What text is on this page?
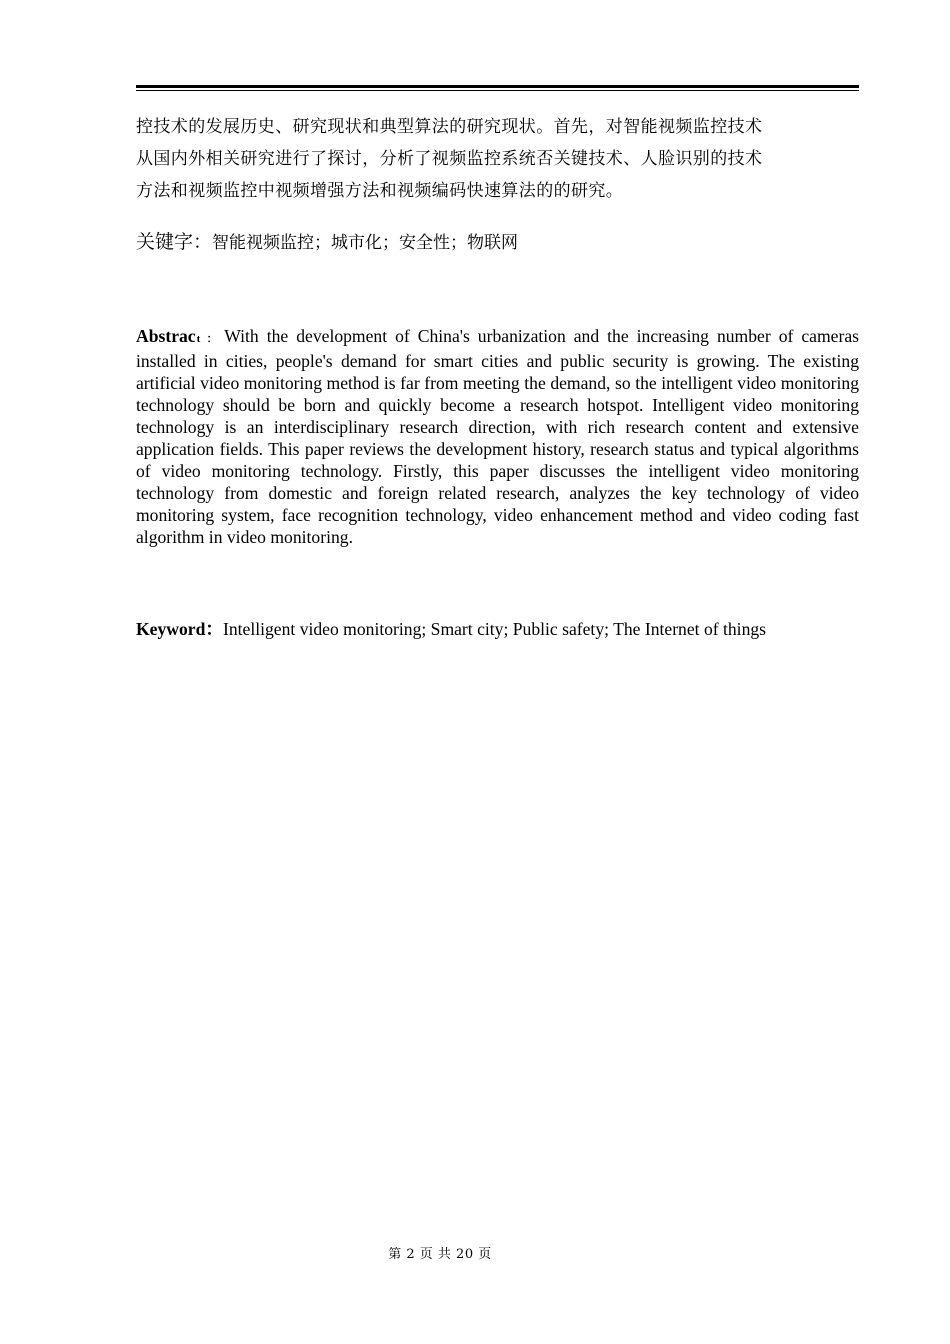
控技术的发展历史、研究现状和典型算法的研究现状。首先，对智能视频监控技术

从国内外相关研究进行了探讨，分析了视频监控系统否关键技术、人脸识别的技术

方法和视频监控中视频增强方法和视频编码快速算法的的研究。

关键字：智能视频监控；城市化；安全性；物联网
Abstract ： With the development of China's urbanization and the increasing number of cameras installed in cities, people's demand for smart cities and public security is growing. The existing artificial video monitoring method is far from meeting the demand, so the intelligent video monitoring technology should be born and quickly become a research hotspot. Intelligent video monitoring technology is an interdisciplinary research direction, with rich research content and extensive application fields. This paper reviews the development history, research status and typical algorithms of video monitoring technology. Firstly, this paper discusses the intelligent video monitoring technology from domestic and foreign related research, analyzes the key technology of video monitoring system, face recognition technology, video enhancement method and video coding fast algorithm in video monitoring.
Keyword：Intelligent video monitoring; Smart city; Public safety; The Internet of things
第 2 页 共 20 页
